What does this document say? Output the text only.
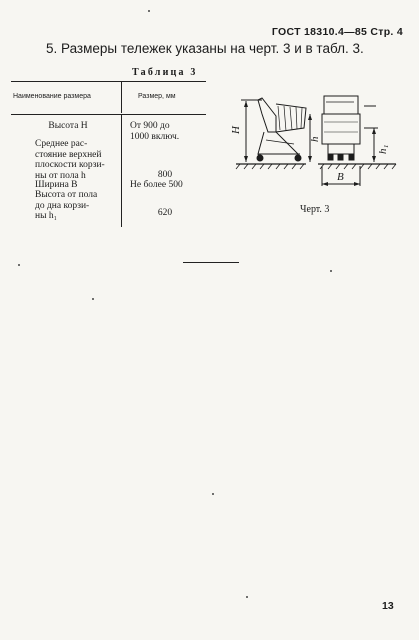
ГОСТ 18310.4—85 Стр. 4
5. Размеры тележек указаны на черт. 3 и в табл. 3.
Таблица 3
Наименование размера	Размер, мм
Высота H	От 900 до
1000 включ.
Среднее рас-
стояние верхней
плоскости корзи-
ны от пола h	800
Ширина B	Не более 500
Высота от пола
до дна корзи-
ны h₁	620
H
h
h₁
B
Черт. 3
13
